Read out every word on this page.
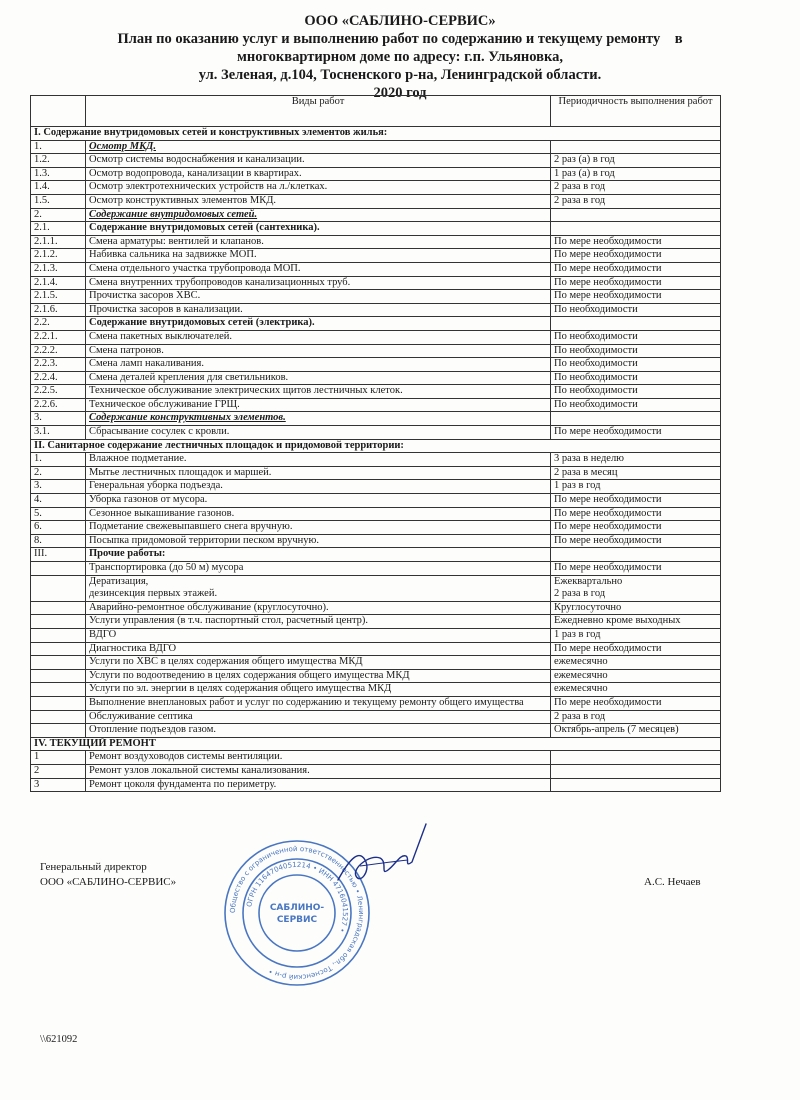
ООО «САБЛИНО-СЕРВИС»
План по оказанию услуг и выполнению работ по содержанию и текущему ремонту    в
многоквартирном доме по адресу: г.п. Ульяновка,
ул. Зеленая, д.104, Тосненского р-на, Ленинградской области.
2020 год
	Виды работ	Периодичность выполнения работ
I. Содержание внутридомовых сетей и конструктивных элементов жилья:		
1.	Осмотр МКД.	
1.2.	Осмотр системы водоснабжения и канализации.	2 раз (а) в год
1.3.	Осмотр водопровода, канализации в квартирах.	1 раз (а) в год
1.4.	Осмотр электротехнических устройств на л./клетках.	2 раза в год
1.5.	Осмотр конструктивных элементов МКД.	2 раза в год
2.	Содержание внутридомовых сетей.	
2.1.	Содержание внутридомовых сетей (сантехника).	
2.1.1.	Смена арматуры: вентилей и клапанов.	По мере необходимости
2.1.2.	Набивка сальника на задвижке МОП.	По мере необходимости
2.1.3.	Смена отдельного участка трубопровода МОП.	По мере необходимости
2.1.4.	Смена внутренних трубопроводов канализационных труб.	По мере необходимости
2.1.5.	Прочистка засоров ХВС.	По мере необходимости
2.1.6.	Прочистка засоров в канализации.	По необходимости
2.2.	Содержание внутридомовых сетей (электрика).	
2.2.1.	Смена пакетных выключателей.	По необходимости
2.2.2.	Смена патронов.	По необходимости
2.2.3.	Смена ламп накаливания.	По необходимости
2.2.4.	Смена деталей крепления для светильников.	По необходимости
2.2.5.	Техническое обслуживание электрических щитов лестничных клеток.	По необходимости
2.2.6.	Техническое обслуживание ГРЩ.	По необходимости
3.	Содержание конструктивных элементов.	
3.1.	Сбрасывание сосулек с кровли.	По мере необходимости
II. Санитарное содержание лестничных площадок и придомовой территории:		
1.	Влажное подметание.	3 раза в неделю
2.	Мытье лестничных площадок и маршей.	2 раза в месяц
3.	Генеральная уборка подъезда.	1 раз в год
4.	Уборка газонов от мусора.	По мере необходимости
5.	Сезонное выкашивание газонов.	По мере необходимости
6.	Подметание свежевыпавшего снега вручную.	По мере необходимости
8.	Посыпка придомовой территории песком вручную.	По мере необходимости
III.	Прочие работы:	
	Транспортировка (до 50 м) мусора	По мере необходимости
	Дератизация,
дезинсекция первых этажей.	Ежеквартально
2 раза в год
	Аварийно-ремонтное обслуживание (круглосуточно).	Круглосуточно
	Услуги управления (в т.ч. паспортный стол, расчетный центр).	Ежедневно кроме выходных
	ВДГО	1 раз в год
	Диагностика ВДГО	По мере необходимости
	Услуги по ХВС в целях содержания общего имущества МКД	ежемесячно
	Услуги по водоотведению в целях содержания общего имущества МКД	ежемесячно
	Услуги по эл. энергии в целях содержания общего имущества МКД	ежемесячно
	Выполнение внеплановых работ и услуг по содержанию и текущему ремонту общего имущества	По мере необходимости
	Обслуживание септика	2 раза в год
	Отопление подъездов газом.	Октябрь-апрель (7 месяцев)
IV. ТЕКУЩИЙ РЕМОНТ		
1	Ремонт воздуховодов системы вентиляции.	
2	Ремонт узлов локальной системы канализования.	
3	Ремонт цоколя фундамента по периметру.	
Генеральный директор
ООО «САБЛИНО-СЕРВИС»	А.С. Нечаев
Общество с ограниченной ответственностью • Ленинградская обл., Тосненский р-н •
ОГРН 1164704051214 • ИНН 4716041527 •
САБЛИНО-
СЕРВИС
\\621092
